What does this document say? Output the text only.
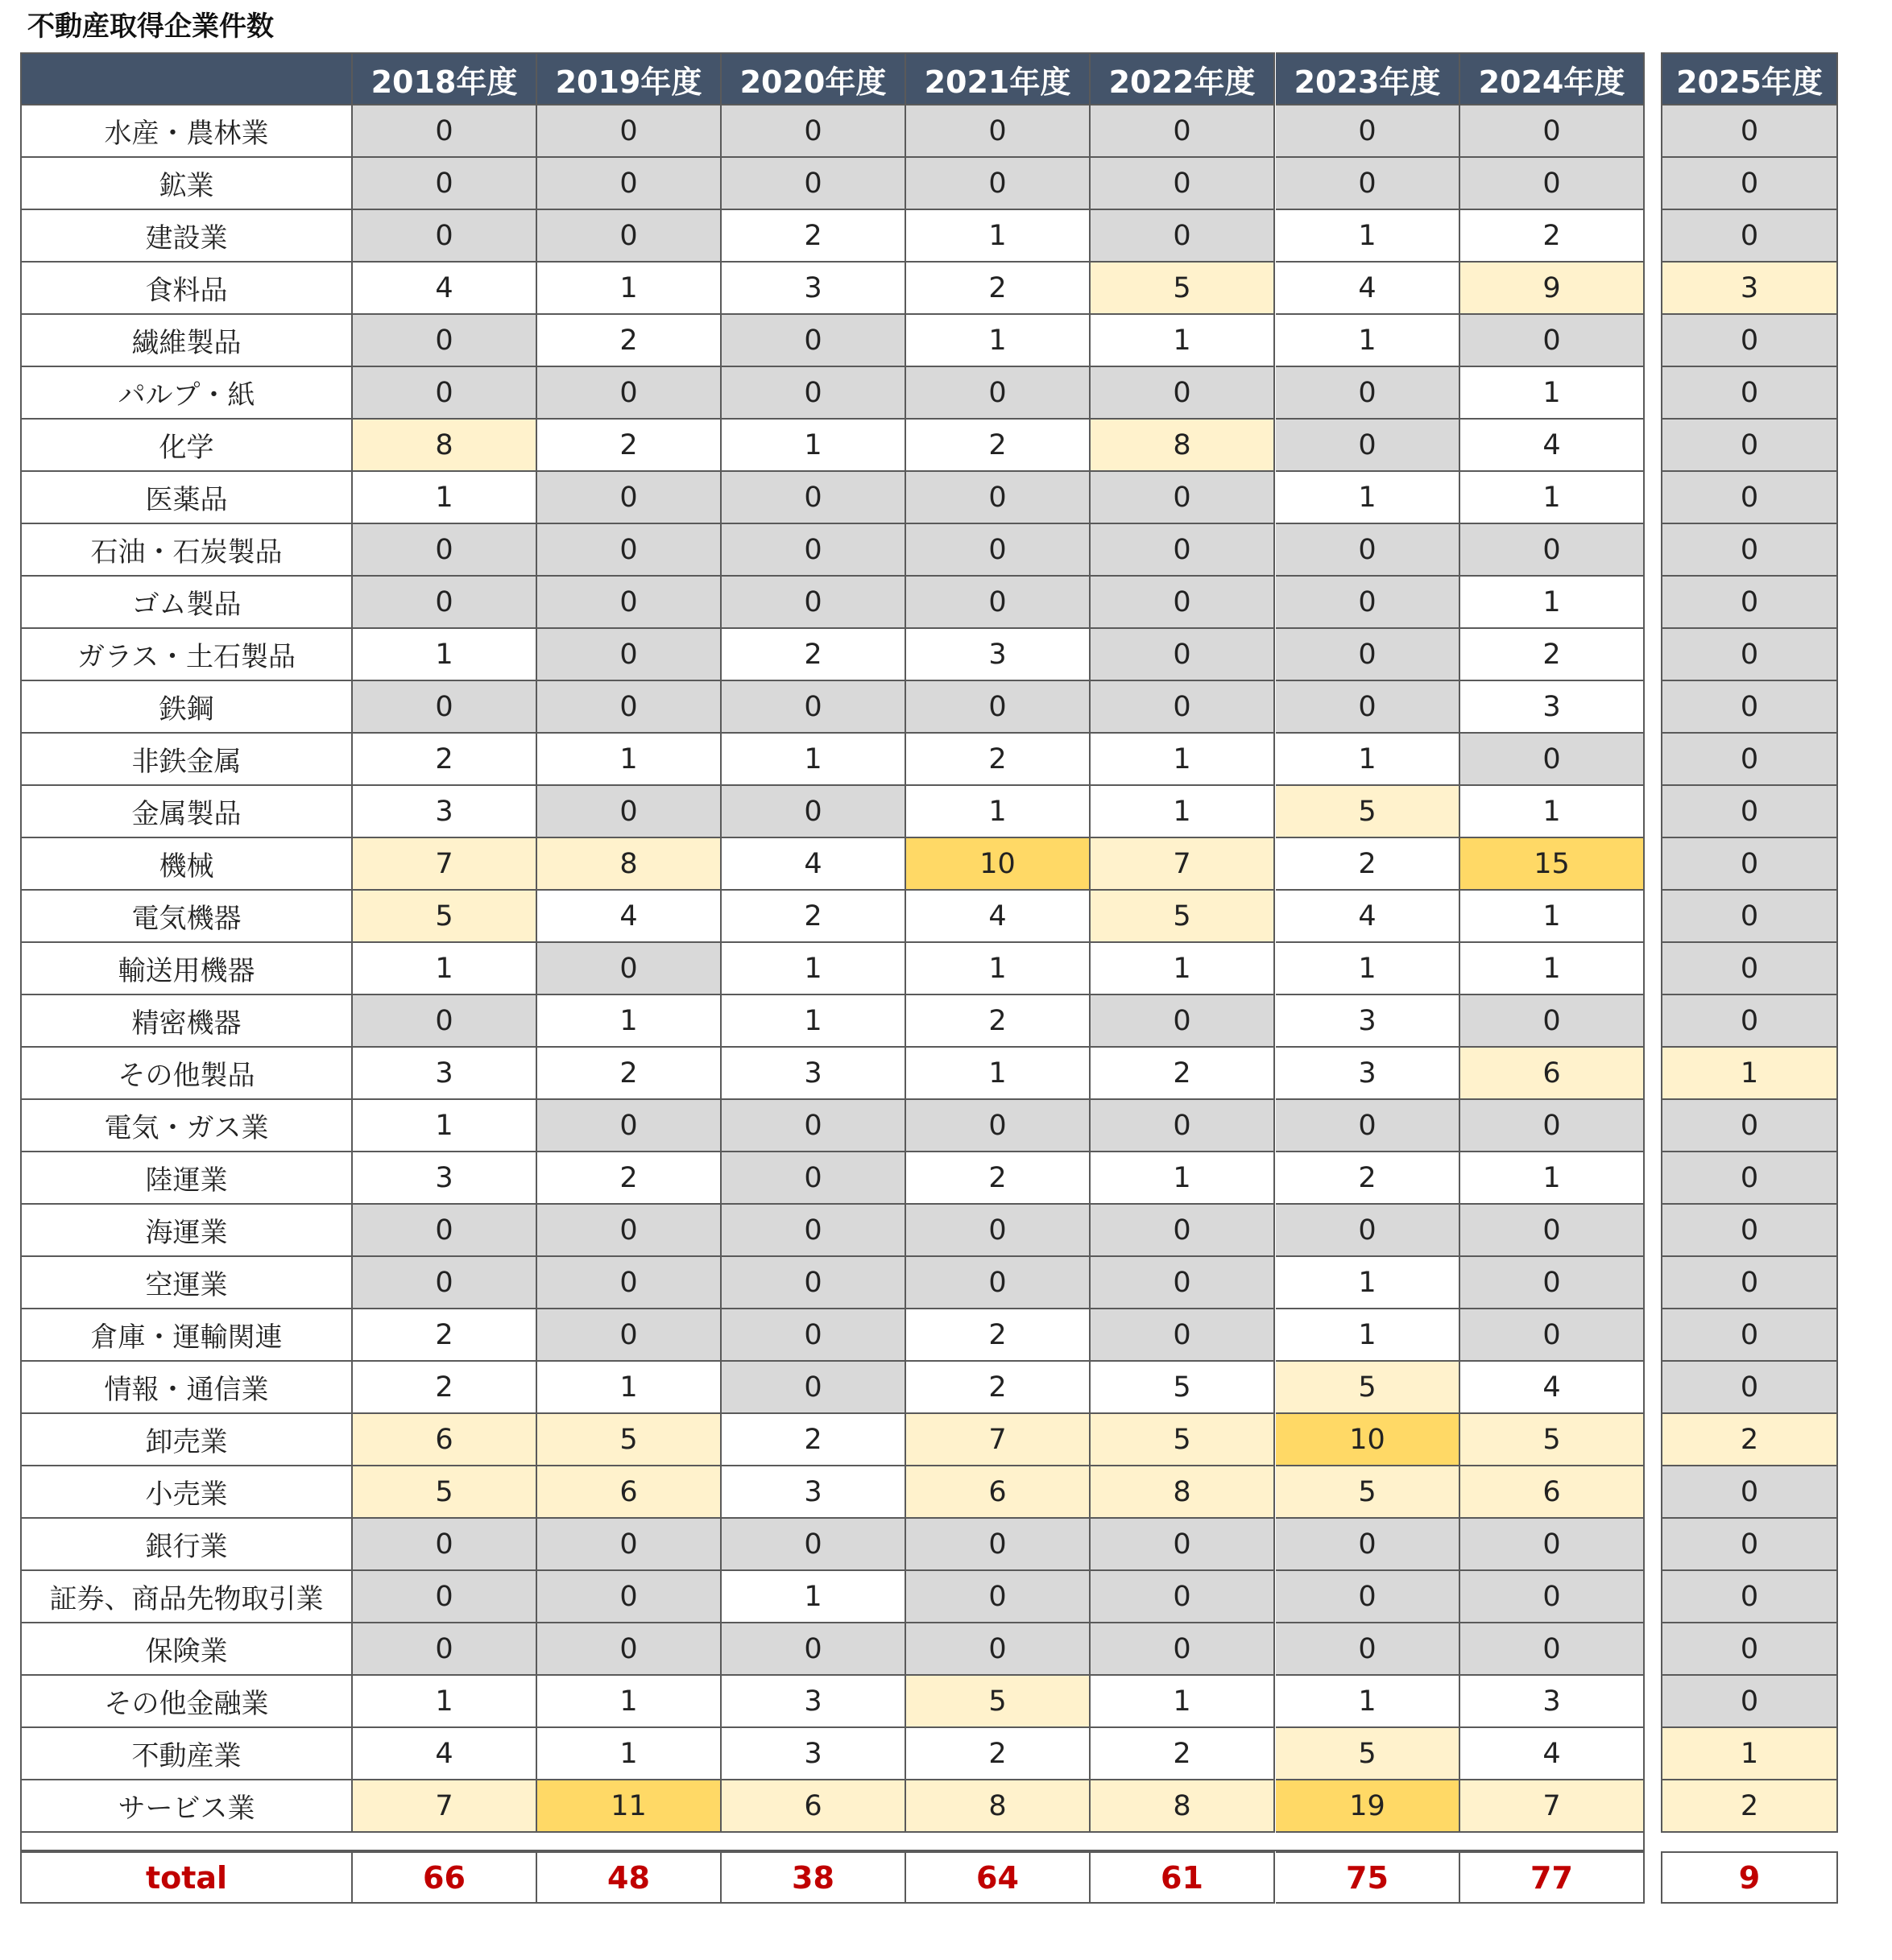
不動産取得企業件数
2018年度	2019年度	2020年度	2021年度	2022年度	2023年度	2024年度	2025年度
水産・農林業	0	0	0	0	0	0	0	0
鉱業	0	0	0	0	0	0	0	0
建設業	0	0	2	1	0	1	2	0
食料品	4	1	3	2	5	4	9	3
繊維製品	0	2	0	1	1	1	0	0
パルプ・紙	0	0	0	0	0	0	1	0
化学	8	2	1	2	8	0	4	0
医薬品	1	0	0	0	0	1	1	0
石油・石炭製品	0	0	0	0	0	0	0	0
ゴム製品	0	0	0	0	0	0	1	0
ガラス・土石製品	1	0	2	3	0	0	2	0
鉄鋼	0	0	0	0	0	0	3	0
非鉄金属	2	1	1	2	1	1	0	0
金属製品	3	0	0	1	1	5	1	0
機械	7	8	4	10	7	2	15	0
電気機器	5	4	2	4	5	4	1	0
輸送用機器	1	0	1	1	1	1	1	0
精密機器	0	1	1	2	0	3	0	0
その他製品	3	2	3	1	2	3	6	1
電気・ガス業	1	0	0	0	0	0	0	0
陸運業	3	2	0	2	1	2	1	0
海運業	0	0	0	0	0	0	0	0
空運業	0	0	0	0	0	1	0	0
倉庫・運輸関連	2	0	0	2	0	1	0	0
情報・通信業	2	1	0	2	5	5	4	0
卸売業	6	5	2	7	5	10	5	2
小売業	5	6	3	6	8	5	6	0
銀行業	0	0	0	0	0	0	0	0
証券、商品先物取引業	0	0	1	0	0	0	0	0
保険業	0	0	0	0	0	0	0	0
その他金融業	1	1	3	5	1	1	3	0
不動産業	4	1	3	2	2	5	4	1
サービス業	7	11	6	8	8	19	7	2
total	66	48	38	64	61	75	77	9
